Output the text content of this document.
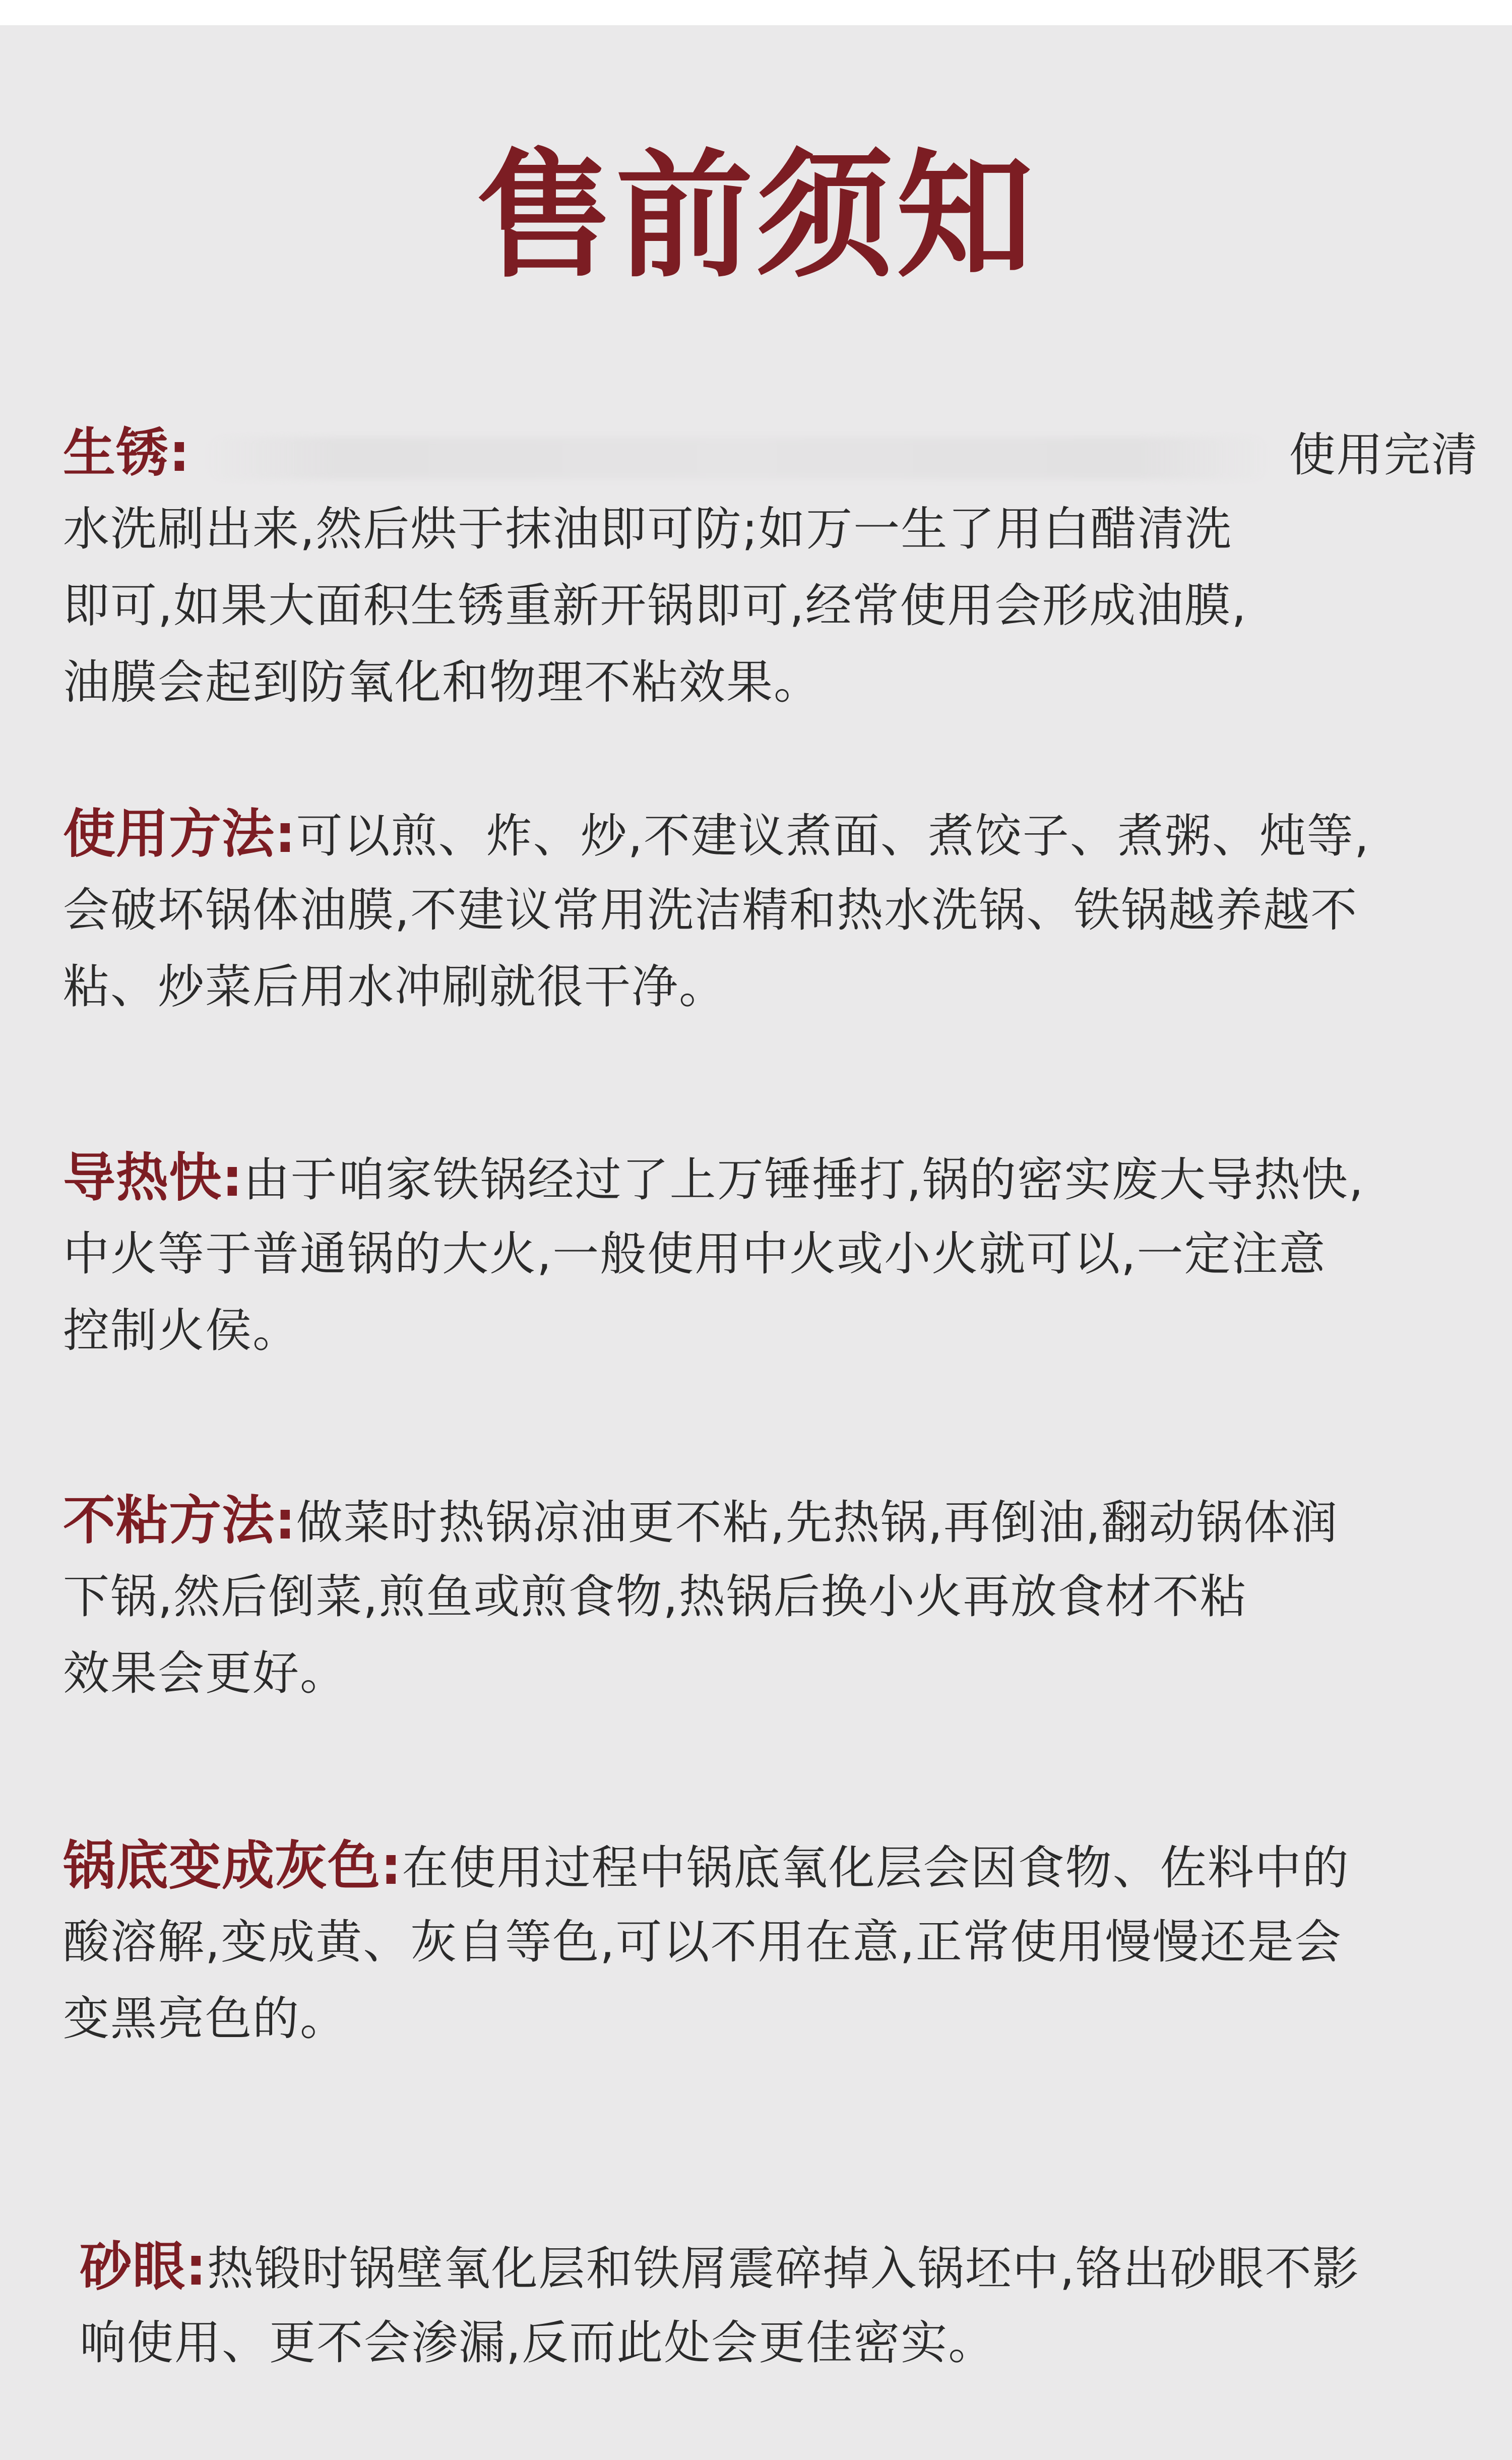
售前须知

生锈:	使用完清
水洗刷出来,然后烘于抹油即可防;如万一生了用白醋清洗
即可,如果大面积生锈重新开锅即可,经常使用会形成油膜,
油膜会起到防氧化和物理不粘效果。

使用方法:可以煎、炸、炒,不建议煮面、煮饺子、煮粥、炖等,
会破坏锅体油膜,不建议常用洗洁精和热水洗锅、铁锅越养越不
粘、炒菜后用水冲刷就很干净。

导热快:由于咱家铁锅经过了上万锤捶打,锅的密实废大导热快,
中火等于普通锅的大火,一般使用中火或小火就可以,一定注意
控制火侯。

不粘方法:做菜时热锅凉油更不粘,先热锅,再倒油,翻动锅体润
下锅,然后倒菜,煎鱼或煎食物,热锅后换小火再放食材不粘
效果会更好。

锅底变成灰色:在使用过程中锅底氧化层会因食物、佐料中的
酸溶解,变成黄、灰自等色,可以不用在意,正常使用慢慢还是会
变黑亮色的。

砂眼:热锻时锅壁氧化层和铁屑震碎掉入锅坯中,铬出砂眼不影
响使用、更不会渗漏,反而此处会更佳密实。
